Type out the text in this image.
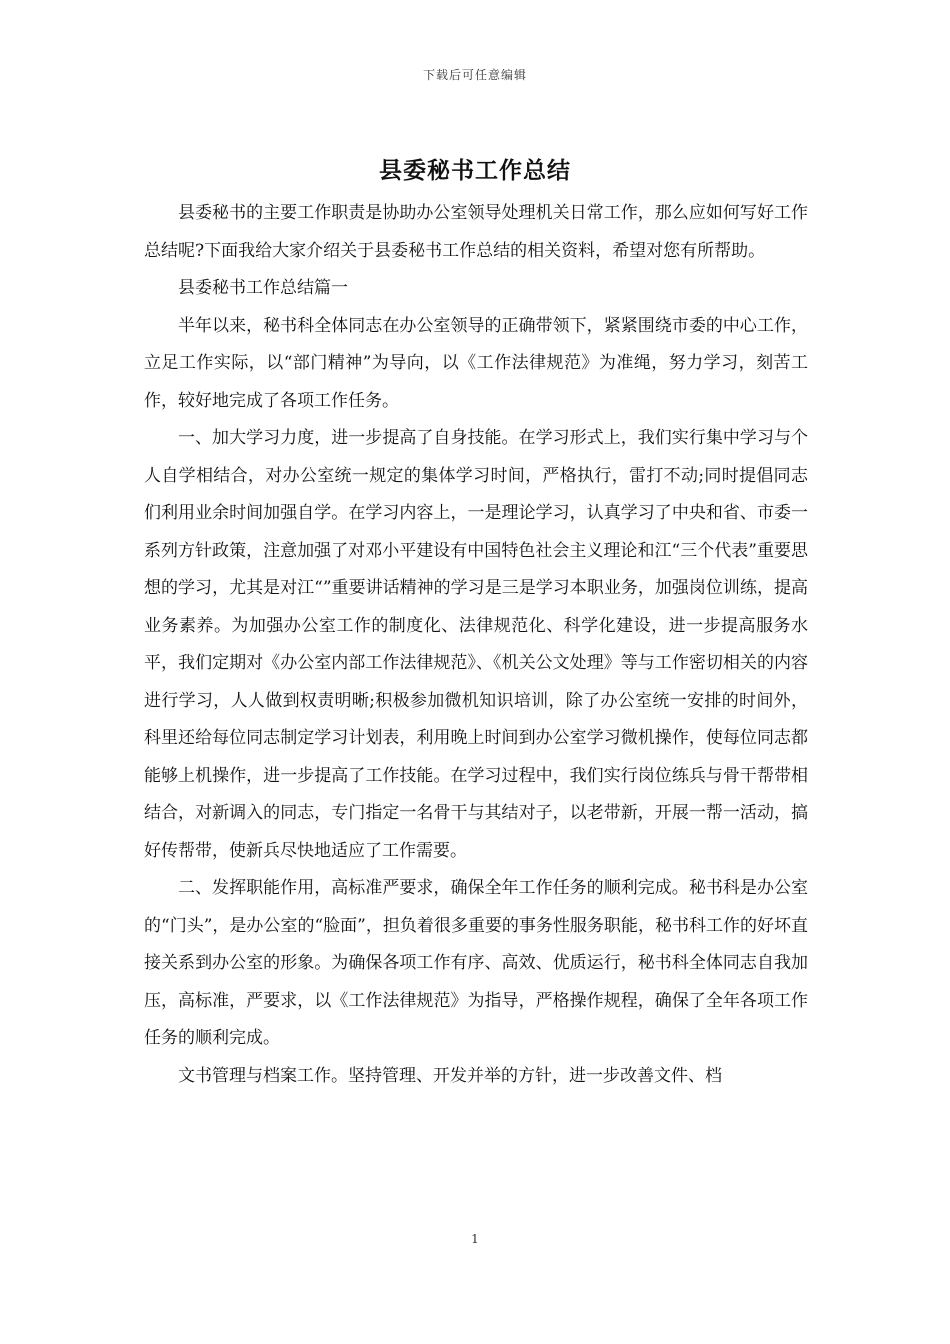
下载后可任意编辑
县委秘书工作总结

县委秘书的主要工作职责是协助办公室领导处理机关日常工作，那么应如何写好工作总结呢?下面我给大家介绍关于县委秘书工作总结的相关资料，希望对您有所帮助。

县委秘书工作总结篇一

半年以来，秘书科全体同志在办公室领导的正确带领下，紧紧围绕市委的中心工作，立足工作实际，以“部门精神”为导向，以《工作法律规范》为准绳，努力学习，刻苦工作，较好地完成了各项工作任务。

一、加大学习力度，进一步提高了自身技能。在学习形式上，我们实行集中学习与个人自学相结合，对办公室统一规定的集体学习时间，严格执行，雷打不动;同时提倡同志们利用业余时间加强自学。在学习内容上，一是理论学习，认真学习了中央和省、市委一系列方针政策，注意加强了对邓小平建设有中国特色社会主义理论和江“三个代表”重要思想的学习，尤其是对江“”重要讲话精神的学习是三是学习本职业务，加强岗位训练，提高业务素养。为加强办公室工作的制度化、法律规范化、科学化建设，进一步提高服务水平，我们定期对《办公室内部工作法律规范》、《机关公文处理》等与工作密切相关的内容进行学习，人人做到权责明晰;积极参加微机知识培训，除了办公室统一安排的时间外，科里还给每位同志制定学习计划表，利用晚上时间到办公室学习微机操作，使每位同志都能够上机操作，进一步提高了工作技能。在学习过程中，我们实行岗位练兵与骨干帮带相结合，对新调入的同志，专门指定一名骨干与其结对子，以老带新，开展一帮一活动，搞好传帮带，使新兵尽快地适应了工作需要。

二、发挥职能作用，高标准严要求，确保全年工作任务的顺利完成。秘书科是办公室的“门头”，是办公室的“脸面”，担负着很多重要的事务性服务职能，秘书科工作的好坏直接关系到办公室的形象。为确保各项工作有序、高效、优质运行，秘书科全体同志自我加压，高标准，严要求，以《工作法律规范》为指导，严格操作规程，确保了全年各项工作任务的顺利完成。

文书管理与档案工作。坚持管理、开发并举的方针，进一步改善文件、档

1
